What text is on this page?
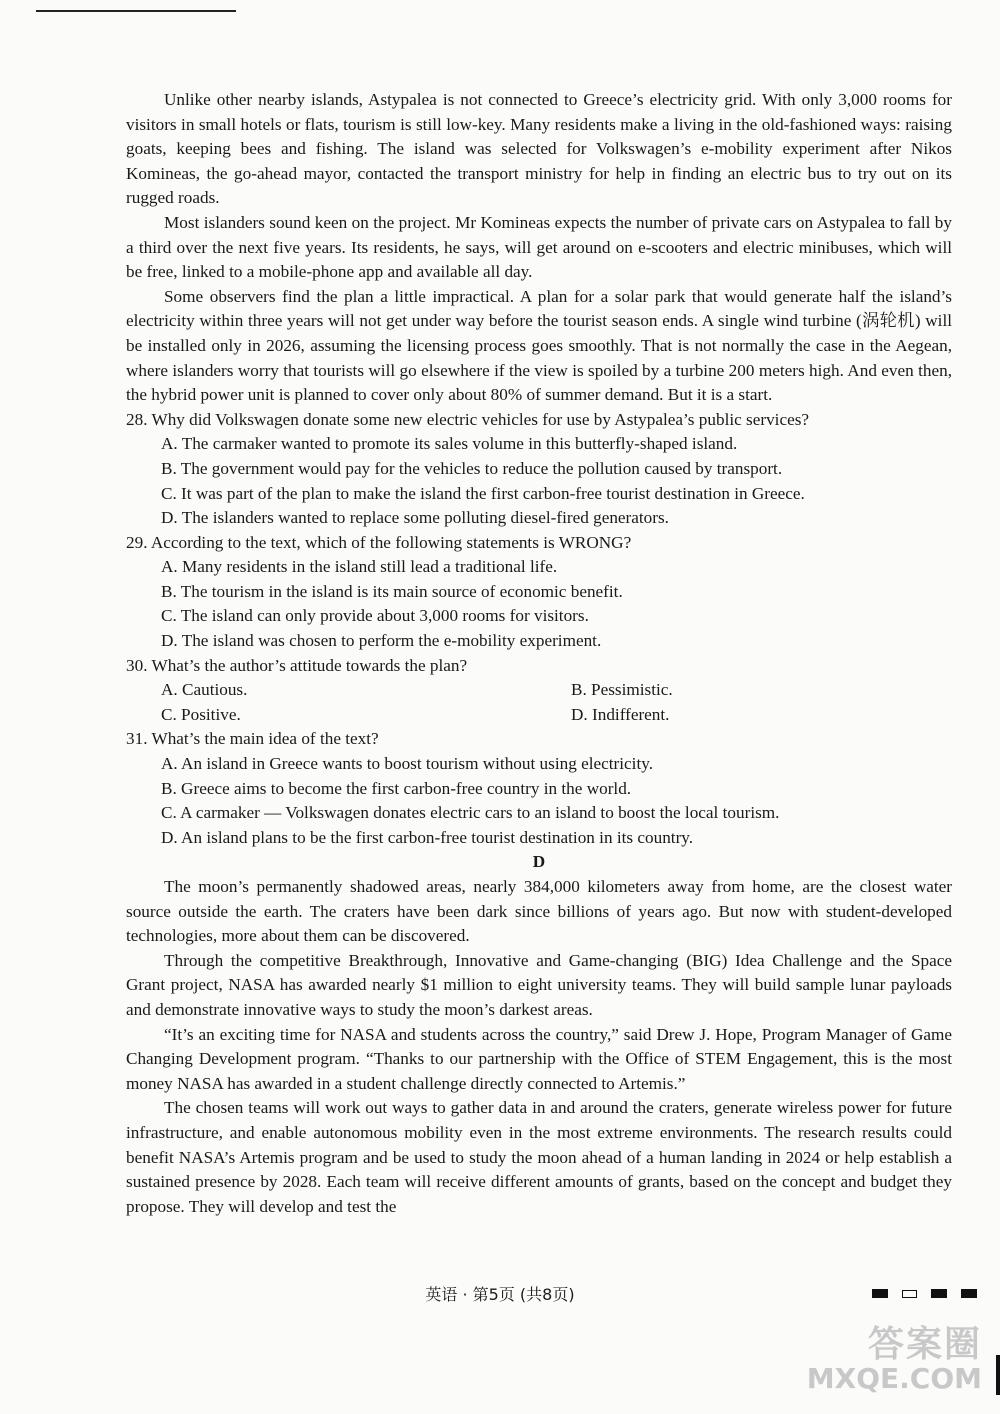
Unlike other nearby islands, Astypalea is not connected to Greece’s electricity grid. With only 3,000 rooms for visitors in small hotels or flats, tourism is still low-key. Many residents make a living in the old-fashioned ways: raising goats, keeping bees and fishing. The island was selected for Volkswagen’s e-mobility experiment after Nikos Komineas, the go-ahead mayor, contacted the transport ministry for help in finding an electric bus to try out on its rugged roads.

Most islanders sound keen on the project. Mr Komineas expects the number of private cars on Astypalea to fall by a third over the next five years. Its residents, he says, will get around on e-scooters and electric minibuses, which will be free, linked to a mobile-phone app and available all day.

Some observers find the plan a little impractical. A plan for a solar park that would generate half the island’s electricity within three years will not get under way before the tourist season ends. A single wind turbine (涡轮机) will be installed only in 2026, assuming the licensing process goes smoothly. That is not normally the case in the Aegean, where islanders worry that tourists will go elsewhere if the view is spoiled by a turbine 200 meters high. And even then, the hybrid power unit is planned to cover only about 80% of summer demand. But it is a start.

28. Why did Volkswagen donate some new electric vehicles for use by Astypalea’s public services?

A. The carmaker wanted to promote its sales volume in this butterfly-shaped island.

B. The government would pay for the vehicles to reduce the pollution caused by transport.

C. It was part of the plan to make the island the first carbon-free tourist destination in Greece.

D. The islanders wanted to replace some polluting diesel-fired generators.

29. According to the text, which of the following statements is WRONG?

A. Many residents in the island still lead a traditional life.

B. The tourism in the island is its main source of economic benefit.

C. The island can only provide about 3,000 rooms for visitors.

D. The island was chosen to perform the e-mobility experiment.

30. What’s the author’s attitude towards the plan?

A. Cautious.	B. Pessimistic.
C. Positive.	D. Indifferent.

31. What’s the main idea of the text?

A. An island in Greece wants to boost tourism without using electricity.

B. Greece aims to become the first carbon-free country in the world.

C. A carmaker — Volkswagen donates electric cars to an island to boost the local tourism.

D. An island plans to be the first carbon-free tourist destination in its country.

D

The moon’s permanently shadowed areas, nearly 384,000 kilometers away from home, are the closest water source outside the earth. The craters have been dark since billions of years ago. But now with student-developed technologies, more about them can be discovered.

Through the competitive Breakthrough, Innovative and Game-changing (BIG) Idea Challenge and the Space Grant project, NASA has awarded nearly $1 million to eight university teams. They will build sample lunar payloads and demonstrate innovative ways to study the moon’s darkest areas.

“It’s an exciting time for NASA and students across the country,” said Drew J. Hope, Program Manager of Game Changing Development program. “Thanks to our partnership with the Office of STEM Engagement, this is the most money NASA has awarded in a student challenge directly connected to Artemis.”

The chosen teams will work out ways to gather data in and around the craters, generate wireless power for future infrastructure, and enable autonomous mobility even in the most extreme environments. The research results could benefit NASA’s Artemis program and be used to study the moon ahead of a human landing in 2024 or help establish a sustained presence by 2028. Each team will receive different amounts of grants, based on the concept and budget they propose. They will develop and test the

英语 · 第5页 (共8页)
答案圈
MXQE.COM
